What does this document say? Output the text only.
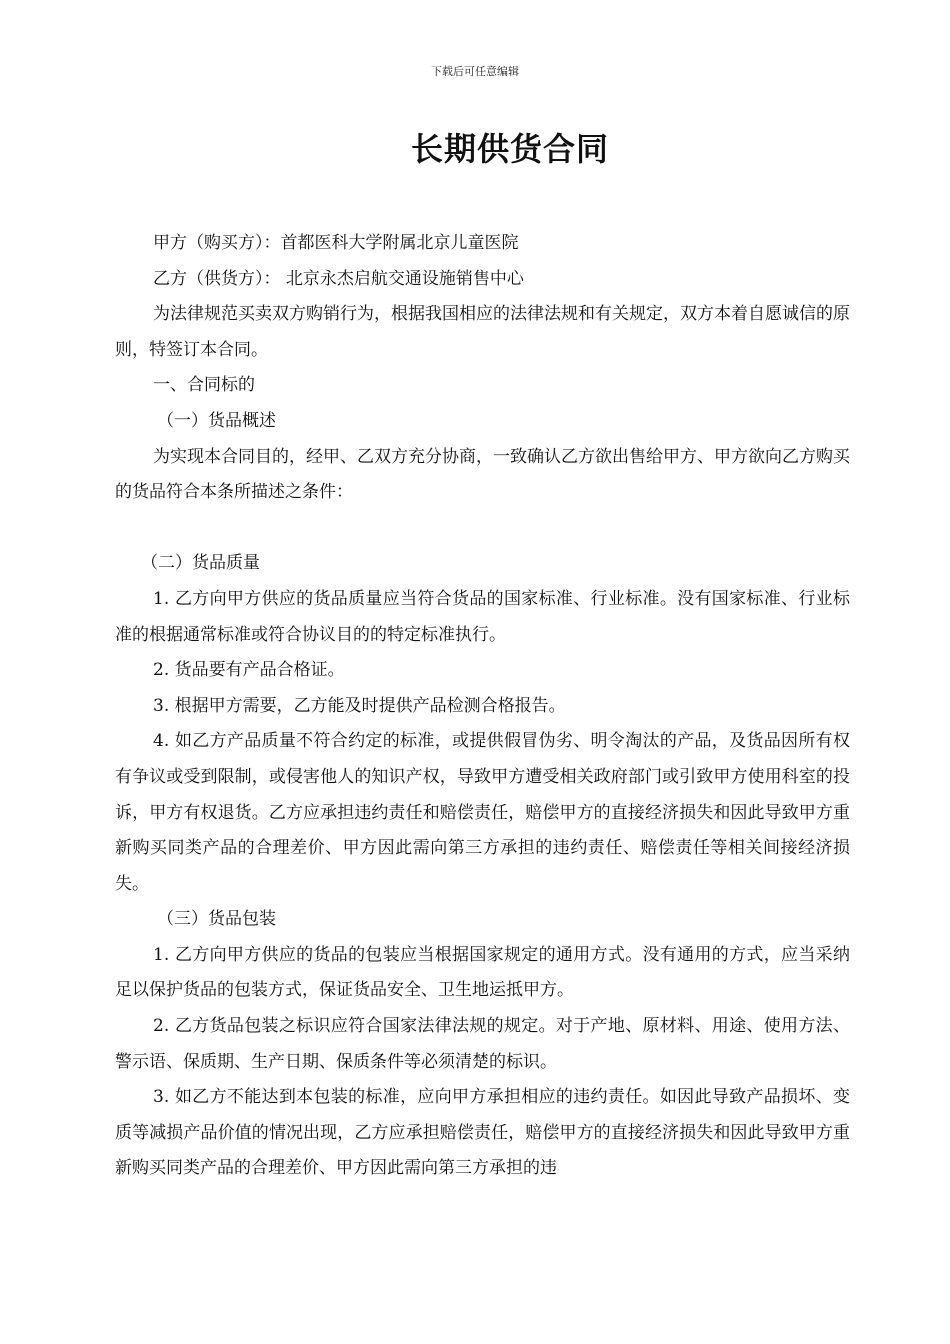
下载后可任意编辑
长期供货合同

甲方（购买方）：首都医科大学附属北京儿童医院

乙方（供货方）： 北京永杰启航交通设施销售中心

为法律规范买卖双方购销行为，根据我国相应的法律法规和有关规定，双方本着自愿诚信的原则，特签订本合同。

一、合同标的

（一）货品概述

为实现本合同目的，经甲、乙双方充分协商，一致确认乙方欲出售给甲方、甲方欲向乙方购买的货品符合本条所描述之条件：

（二）货品质量

1. 乙方向甲方供应的货品质量应当符合货品的国家标准、行业标准。没有国家标准、行业标准的根据通常标准或符合协议目的的特定标准执行。

2. 货品要有产品合格证。

3. 根据甲方需要，乙方能及时提供产品检测合格报告。

4. 如乙方产品质量不符合约定的标准，或提供假冒伪劣、明令淘汰的产品，及货品因所有权有争议或受到限制，或侵害他人的知识产权，导致甲方遭受相关政府部门或引致甲方使用科室的投诉，甲方有权退货。乙方应承担违约责任和赔偿责任，赔偿甲方的直接经济损失和因此导致甲方重新购买同类产品的合理差价、甲方因此需向第三方承担的违约责任、赔偿责任等相关间接经济损失。

（三）货品包装

1. 乙方向甲方供应的货品的包装应当根据国家规定的通用方式。没有通用的方式，应当采纳足以保护货品的包装方式，保证货品安全、卫生地运抵甲方。

2. 乙方货品包装之标识应符合国家法律法规的规定。对于产地、原材料、用途、使用方法、警示语、保质期、生产日期、保质条件等必须清楚的标识。

3. 如乙方不能达到本包装的标准，应向甲方承担相应的违约责任。如因此导致产品损坏、变质等减损产品价值的情况出现，乙方应承担赔偿责任，赔偿甲方的直接经济损失和因此导致甲方重新购买同类产品的合理差价、甲方因此需向第三方承担的违
